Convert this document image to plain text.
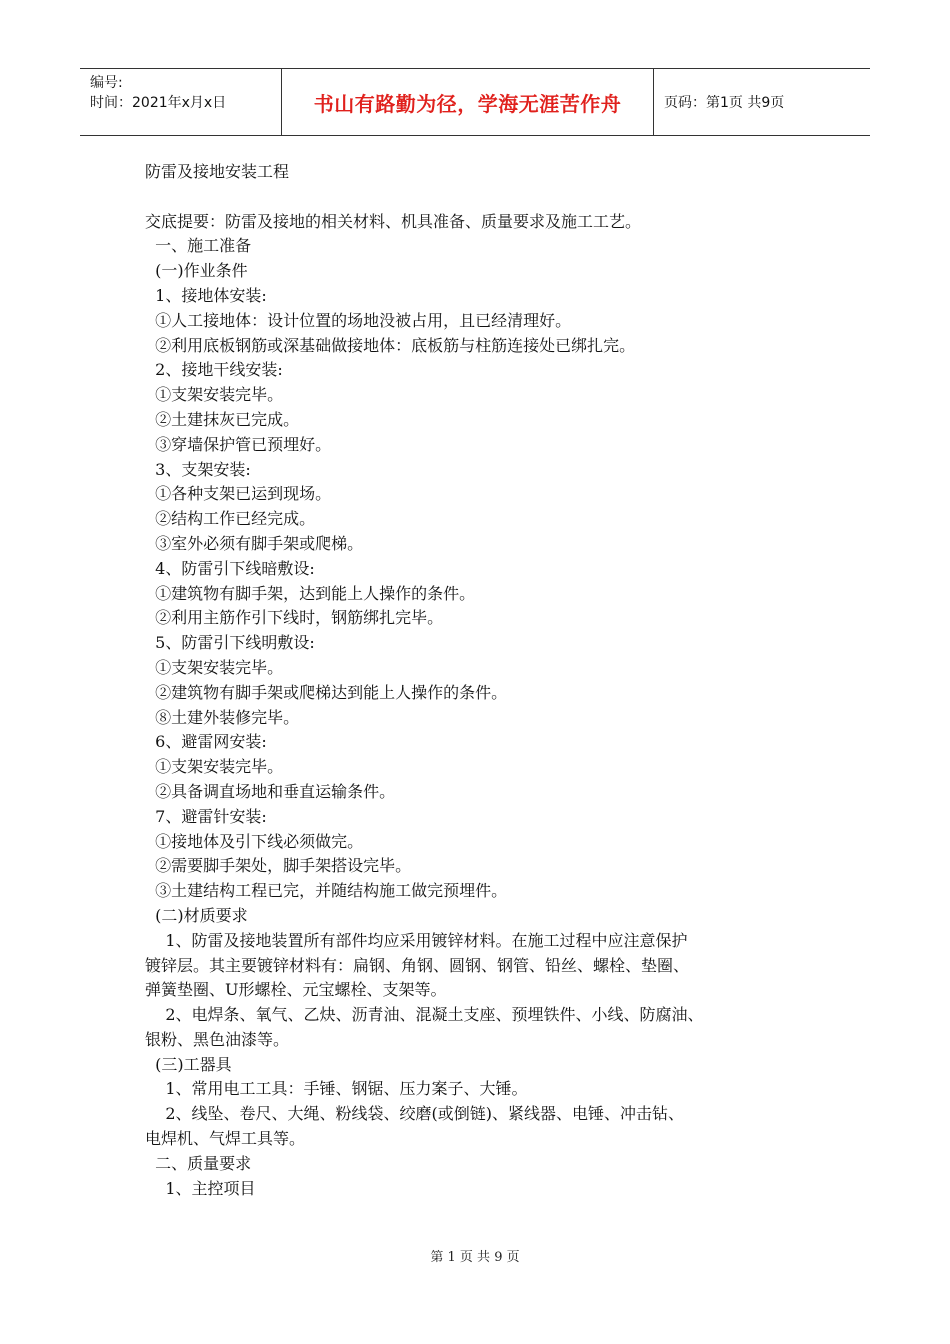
编号:
时间：2021年x月x日	书山有路勤为径，学海无涯苦作舟	页码：第1页 共9页

防雷及接地安装工程

交底提要：防雷及接地的相关材料、机具准备、质量要求及施工工艺。

一、施工准备

(一)作业条件

1、接地体安装:

①人工接地体：设计位置的场地没被占用，且已经清理好。

②利用底板钢筋或深基础做接地体：底板筋与柱筋连接处已绑扎完。

2、接地干线安装:

①支架安装完毕。

②土建抹灰已完成。

③穿墙保护管已预埋好。

3、支架安装:

①各种支架已运到现场。

②结构工作已经完成。

③室外必须有脚手架或爬梯。

4、防雷引下线暗敷设:

①建筑物有脚手架，达到能上人操作的条件。

②利用主筋作引下线时，钢筋绑扎完毕。

5、防雷引下线明敷设:

①支架安装完毕。

②建筑物有脚手架或爬梯达到能上人操作的条件。

⑧土建外装修完毕。

6、避雷网安装:

①支架安装完毕。

②具备调直场地和垂直运输条件。

7、避雷针安装:

①接地体及引下线必须做完。

②需要脚手架处，脚手架搭设完毕。

③土建结构工程已完，并随结构施工做完预埋件。

(二)材质要求

1、防雷及接地装置所有部件均应采用镀锌材料。在施工过程中应注意保护

镀锌层。其主要镀锌材料有：扁钢、角钢、圆钢、钢管、铅丝、螺栓、垫圈、

弹簧垫圈、U形螺栓、元宝螺栓、支架等。

2、电焊条、氧气、乙炔、沥青油、混凝土支座、预埋铁件、小线、防腐油、

银粉、黑色油漆等。

(三)工器具

1、常用电工工具：手锤、钢锯、压力案子、大锤。

2、线坠、卷尺、大绳、粉线袋、绞磨(或倒链)、紧线器、电锤、冲击钻、

电焊机、气焊工具等。

二、质量要求

1、主控项目

第 1 页 共 9 页
